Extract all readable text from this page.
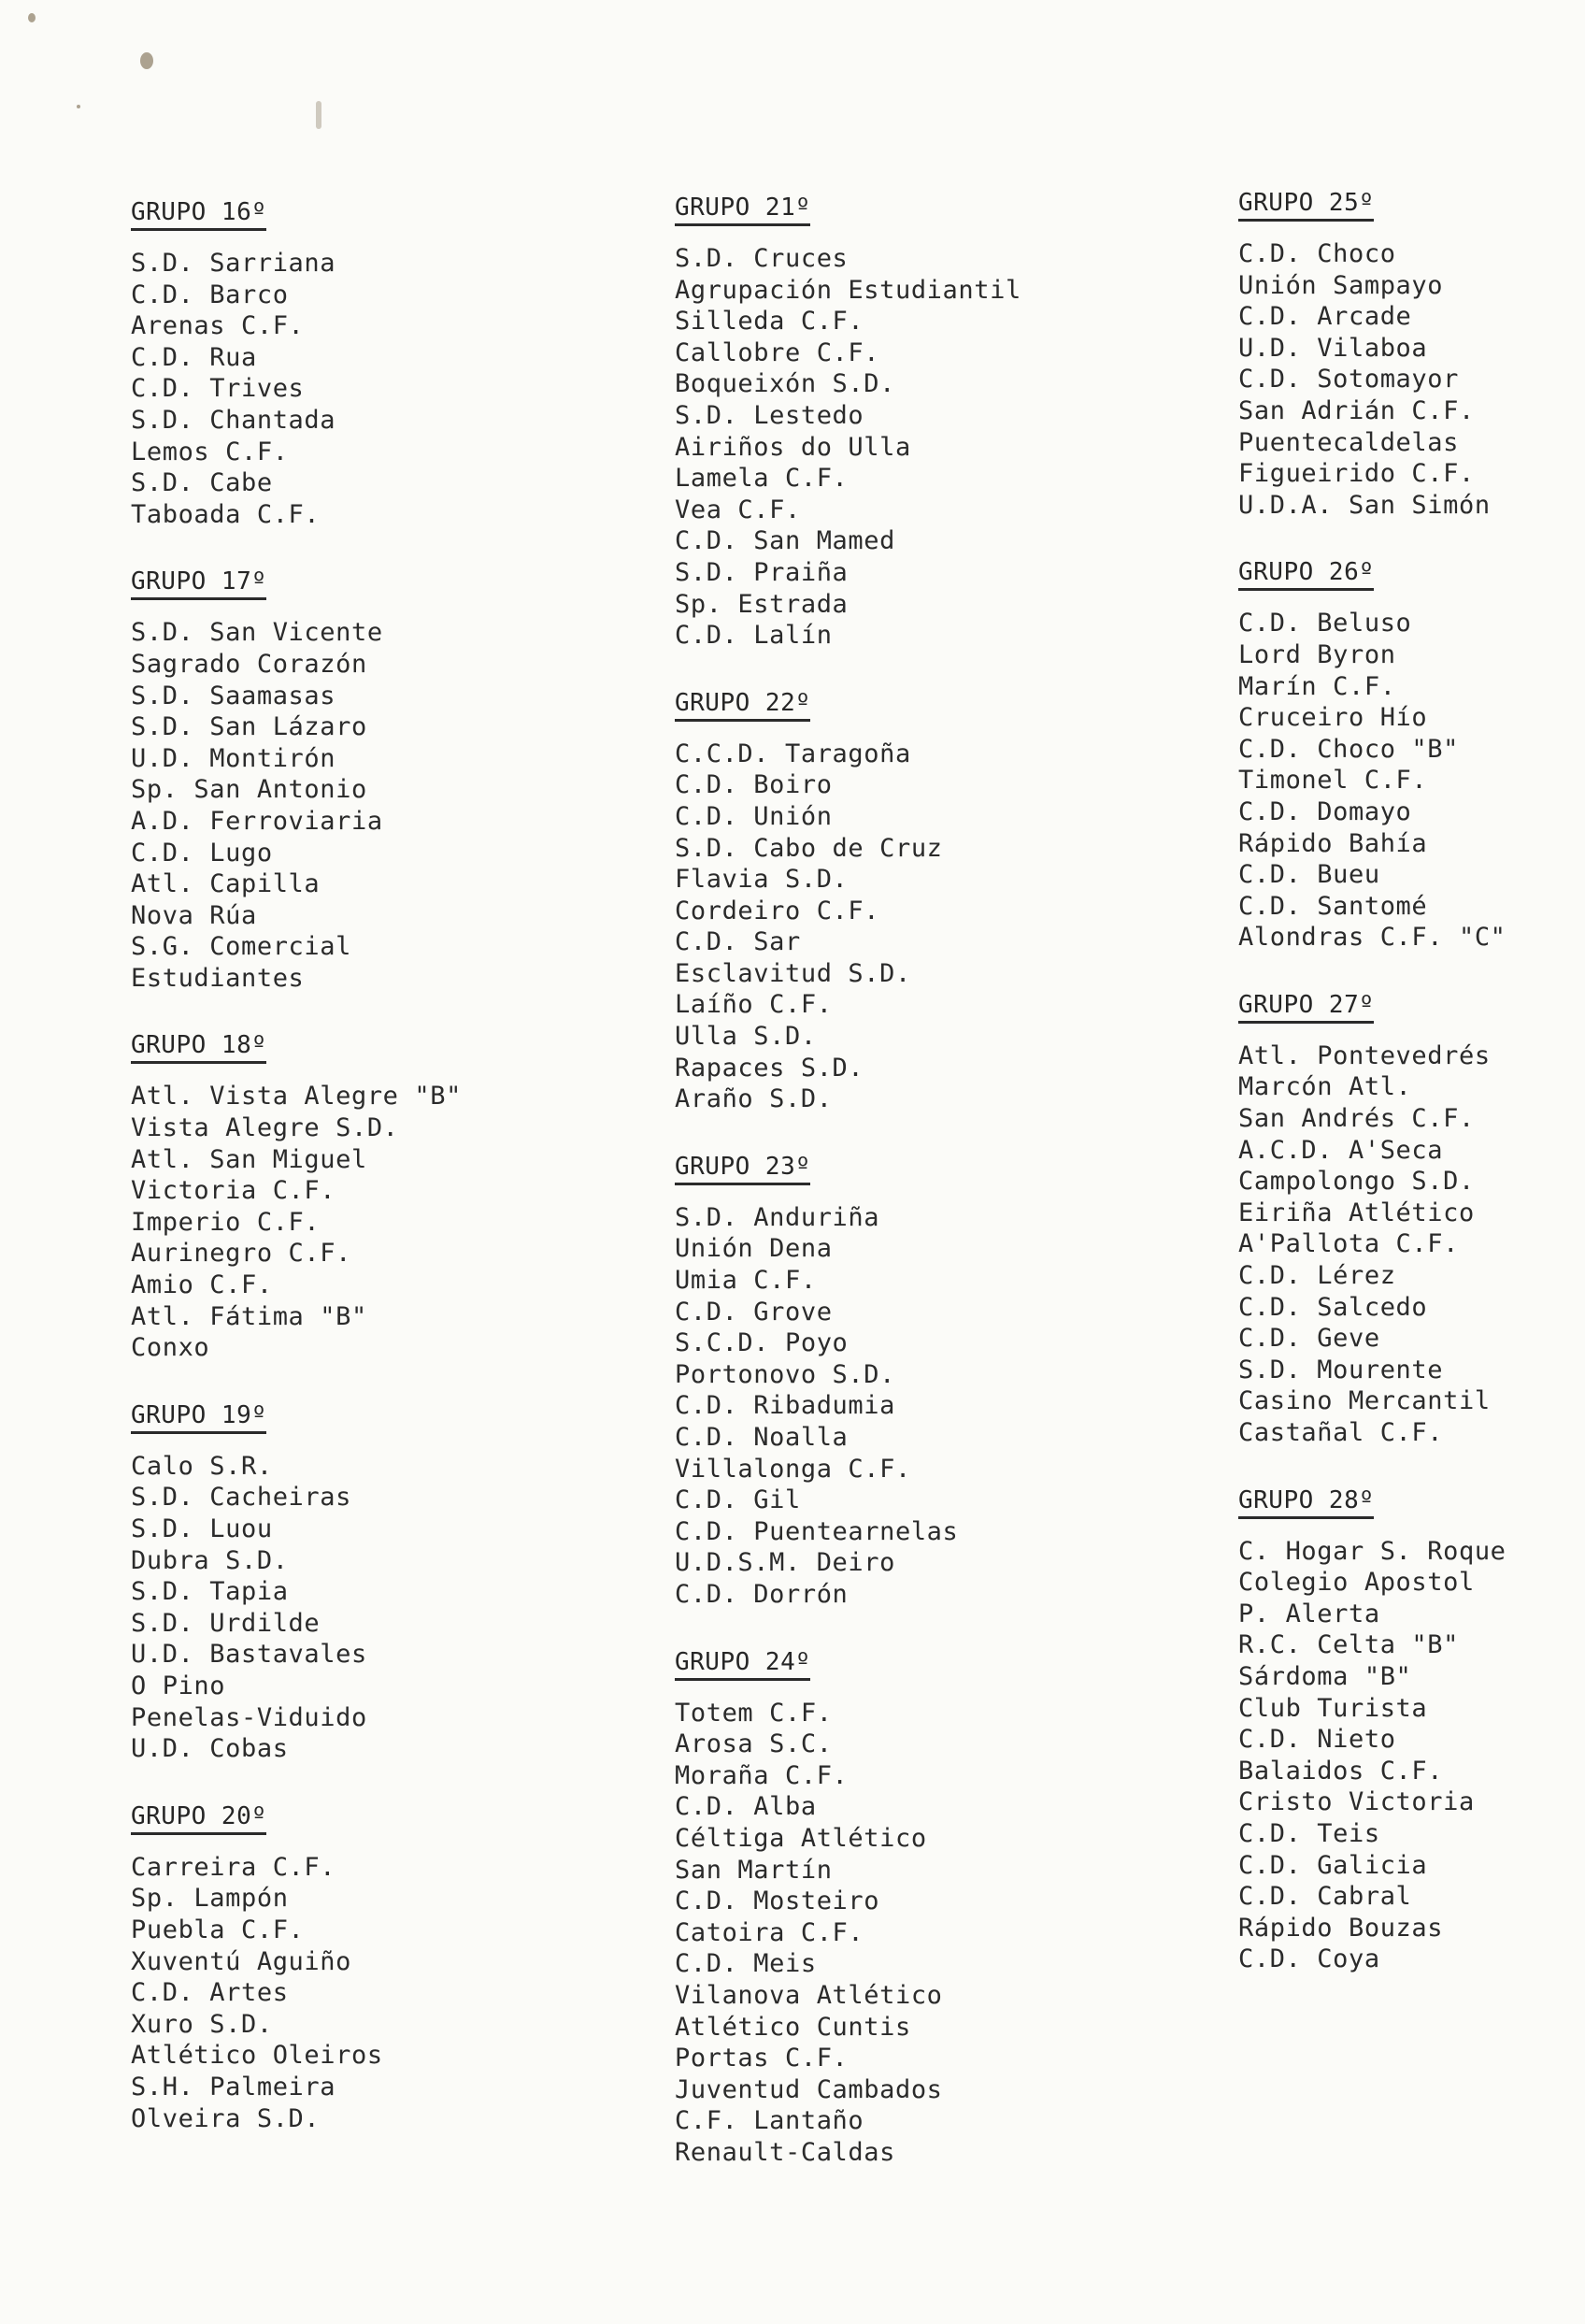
GRUPO 16º
S.D. Sarriana
C.D. Barco
Arenas C.F.
C.D. Rua
C.D. Trives
S.D. Chantada
Lemos C.F.
S.D. Cabe
Taboada C.F.
GRUPO 17º
S.D. San Vicente
Sagrado Corazón
S.D. Saamasas
S.D. San Lázaro
U.D. Montirón
Sp. San Antonio
A.D. Ferroviaria
C.D. Lugo
Atl. Capilla
Nova Rúa
S.G. Comercial
Estudiantes
GRUPO 18º
Atl. Vista Alegre "B"
Vista Alegre S.D.
Atl. San Miguel
Victoria C.F.
Imperio C.F.
Aurinegro C.F.
Amio C.F.
Atl. Fátima "B"
Conxo
GRUPO 19º
Calo S.R.
S.D. Cacheiras
S.D. Luou
Dubra S.D.
S.D. Tapia
S.D. Urdilde
U.D. Bastavales
O Pino
Penelas-Viduido
U.D. Cobas
GRUPO 20º
Carreira C.F.
Sp. Lampón
Puebla C.F.
Xuventú Aguiño
C.D. Artes
Xuro S.D.
Atlético Oleiros
S.H. Palmeira
Olveira S.D.
GRUPO 21º
S.D. Cruces
Agrupación Estudiantil
Silleda C.F.
Callobre C.F.
Boqueixón S.D.
S.D. Lestedo
Airiños do Ulla
Lamela C.F.
Vea C.F.
C.D. San Mamed
S.D. Praiña
Sp. Estrada
C.D. Lalín
GRUPO 22º
C.C.D. Taragoña
C.D. Boiro
C.D. Unión
S.D. Cabo de Cruz
Flavia S.D.
Cordeiro C.F.
C.D. Sar
Esclavitud S.D.
Laíño C.F.
Ulla S.D.
Rapaces S.D.
Araño S.D.
GRUPO 23º
S.D. Anduriña
Unión Dena
Umia C.F.
C.D. Grove
S.C.D. Poyo
Portonovo S.D.
C.D. Ribadumia
C.D. Noalla
Villalonga C.F.
C.D. Gil
C.D. Puentearnelas
U.D.S.M. Deiro
C.D. Dorrón
GRUPO 24º
Totem C.F.
Arosa S.C.
Moraña C.F.
C.D. Alba
Céltiga Atlético
San Martín
C.D. Mosteiro
Catoira C.F.
C.D. Meis
Vilanova Atlético
Atlético Cuntis
Portas C.F.
Juventud Cambados
C.F. Lantaño
Renault-Caldas
GRUPO 25º
C.D. Choco
Unión Sampayo
C.D. Arcade
U.D. Vilaboa
C.D. Sotomayor
San Adrián C.F.
Puentecaldelas
Figueirido C.F.
U.D.A. San Simón
GRUPO 26º
C.D. Beluso
Lord Byron
Marín C.F.
Cruceiro Hío
C.D. Choco "B"
Timonel C.F.
C.D. Domayo
Rápido Bahía
C.D. Bueu
C.D. Santomé
Alondras C.F. "C"
GRUPO 27º
Atl. Pontevedrés
Marcón Atl.
San Andrés C.F.
A.C.D. A'Seca
Campolongo S.D.
Eiriña Atlético
A'Pallota C.F.
C.D. Lérez
C.D. Salcedo
C.D. Geve
S.D. Mourente
Casino Mercantil
Castañal C.F.
GRUPO 28º
C. Hogar S. Roque
Colegio Apostol
P. Alerta
R.C. Celta "B"
Sárdoma "B"
Club Turista
C.D. Nieto
Balaidos C.F.
Cristo Victoria
C.D. Teis
C.D. Galicia
C.D. Cabral
Rápido Bouzas
C.D. Coya
